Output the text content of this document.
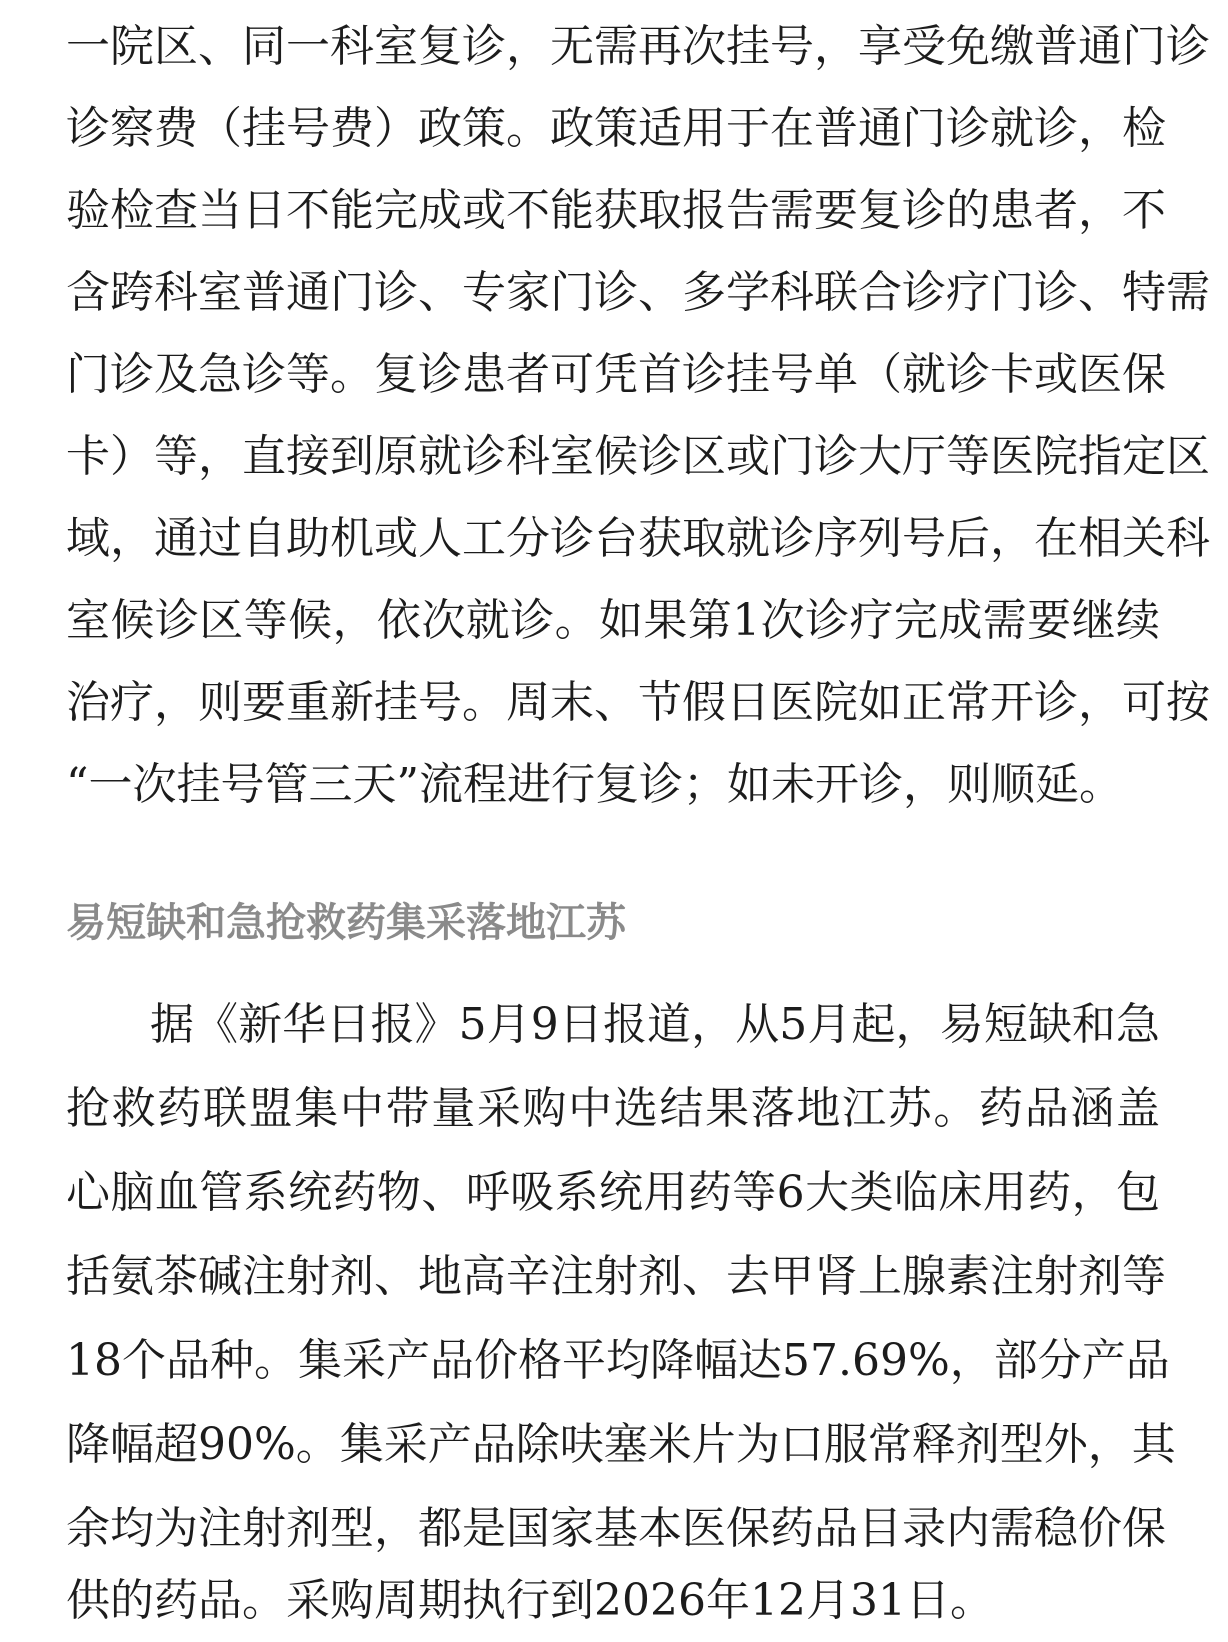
一院区、同一科室复诊，无需再次挂号，享受免缴普通门诊
诊察费（挂号费）政策。政策适用于在普通门诊就诊，检
验检查当日不能完成或不能获取报告需要复诊的患者，不
含跨科室普通门诊、专家门诊、多学科联合诊疗门诊、特需
门诊及急诊等。复诊患者可凭首诊挂号单（就诊卡或医保
卡）等，直接到原就诊科室候诊区或门诊大厅等医院指定区
域，通过自助机或人工分诊台获取就诊序列号后，在相关科
室候诊区等候，依次就诊。如果第1次诊疗完成需要继续
治疗，则要重新挂号。周末、节假日医院如正常开诊，可按
“一次挂号管三天”流程进行复诊；如未开诊，则顺延。
易短缺和急抢救药集采落地江苏
据《新华日报》5月9日报道，从5月起，易短缺和急
抢救药联盟集中带量采购中选结果落地江苏。药品涵盖
心脑血管系统药物、呼吸系统用药等6大类临床用药，包
括氨茶碱注射剂、地高辛注射剂、去甲肾上腺素注射剂等
18个品种。集采产品价格平均降幅达57.69%，部分产品
降幅超90%。集采产品除呋塞米片为口服常释剂型外，其
余均为注射剂型，都是国家基本医保药品目录内需稳价保
供的药品。采购周期执行到2026年12月31日。
